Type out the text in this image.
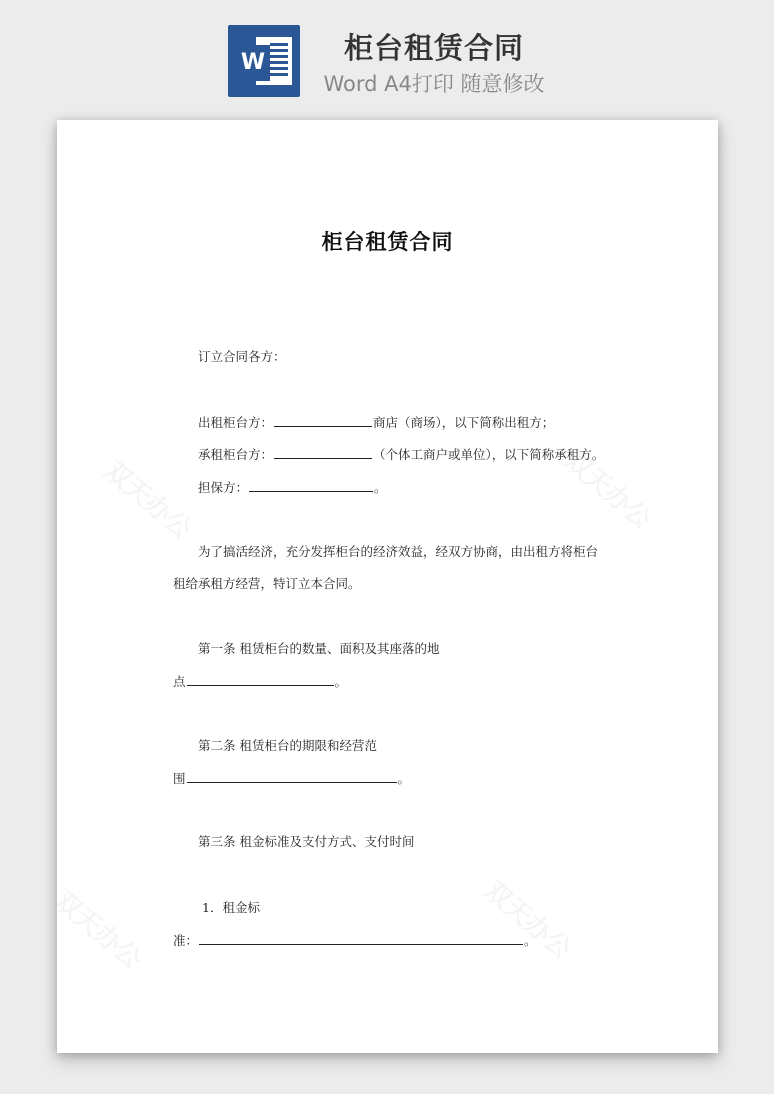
W	柜台租赁合同
Word A4打印 随意修改
柜台租赁合同
订立合同各方：
出租柜台方：	商店（商场），以下简称出租方；
承租柜台方：	（个体工商户或单位），以下简称承租方。
担保方：	。
为了搞活经济，充分发挥柜台的经济效益，经双方协商，由出租方将柜台
租给承租方经营，特订立本合同。
第一条 租赁柜台的数量、面积及其座落的地
点	。
第二条 租赁柜台的期限和经营范
围	。
第三条 租金标准及支付方式、支付时间
1．租金标
准：	。
